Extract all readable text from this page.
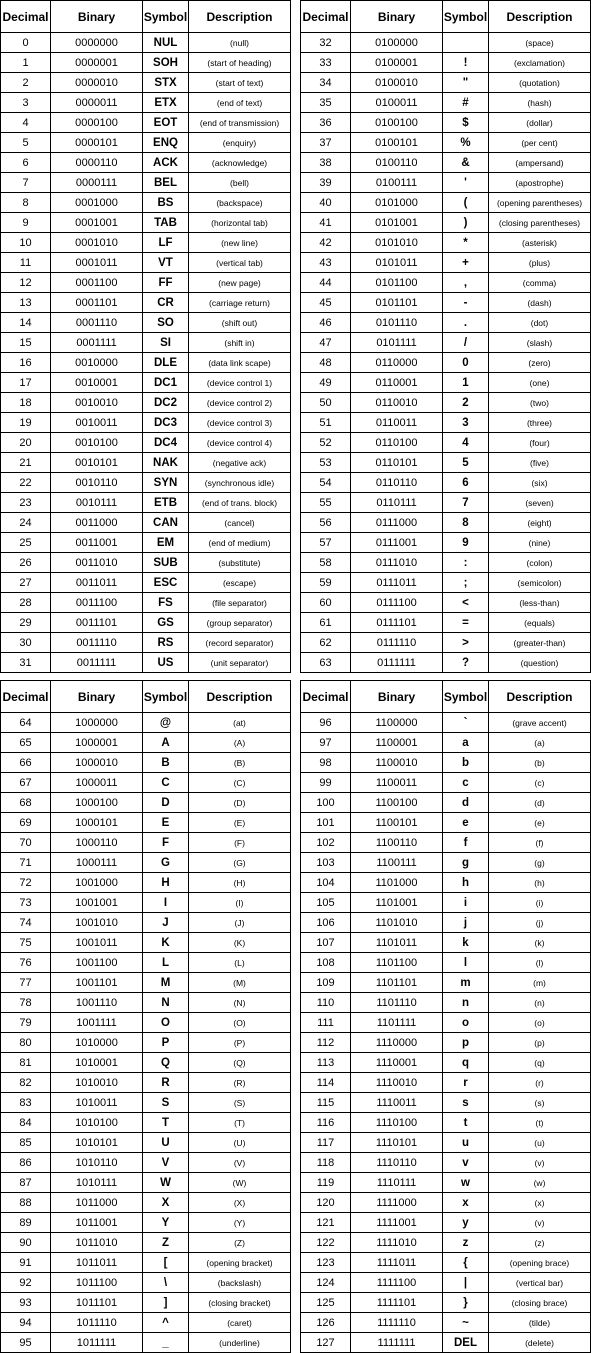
Decimal	Binary	Symbol	Description
0	0000000	NUL	(null)
1	0000001	SOH	(start of heading)
2	0000010	STX	(start of text)
3	0000011	ETX	(end of text)
4	0000100	EOT	(end of transmission)
5	0000101	ENQ	(enquiry)
6	0000110	ACK	(acknowledge)
7	0000111	BEL	(bell)
8	0001000	BS	(backspace)
9	0001001	TAB	(horizontal tab)
10	0001010	LF	(new line)
11	0001011	VT	(vertical tab)
12	0001100	FF	(new page)
13	0001101	CR	(carriage return)
14	0001110	SO	(shift out)
15	0001111	SI	(shift in)
16	0010000	DLE	(data link scape)
17	0010001	DC1	(device control 1)
18	0010010	DC2	(device control 2)
19	0010011	DC3	(device control 3)
20	0010100	DC4	(device control 4)
21	0010101	NAK	(negative ack)
22	0010110	SYN	(synchronous idle)
23	0010111	ETB	(end of trans. block)
24	0011000	CAN	(cancel)
25	0011001	EM	(end of medium)
26	0011010	SUB	(substitute)
27	0011011	ESC	(escape)
28	0011100	FS	(file separator)
29	0011101	GS	(group separator)
30	0011110	RS	(record separator)
31	0011111	US	(unit separator)
Decimal	Binary	Symbol	Description
32	0100000		(space)
33	0100001	!	(exclamation)
34	0100010	"	(quotation)
35	0100011	#	(hash)
36	0100100	$	(dollar)
37	0100101	%	(per cent)
38	0100110	&	(ampersand)
39	0100111	'	(apostrophe)
40	0101000	(	(opening parentheses)
41	0101001	)	(closing parentheses)
42	0101010	*	(asterisk)
43	0101011	+	(plus)
44	0101100	,	(comma)
45	0101101	-	(dash)
46	0101110	.	(dot)
47	0101111	/	(slash)
48	0110000	0	(zero)
49	0110001	1	(one)
50	0110010	2	(two)
51	0110011	3	(three)
52	0110100	4	(four)
53	0110101	5	(five)
54	0110110	6	(six)
55	0110111	7	(seven)
56	0111000	8	(eight)
57	0111001	9	(nine)
58	0111010	:	(colon)
59	0111011	;	(semicolon)
60	0111100	<	(less-than)
61	0111101	=	(equals)
62	0111110	>	(greater-than)
63	0111111	?	(question)
Decimal	Binary	Symbol	Description
64	1000000	@	(at)
65	1000001	A	(A)
66	1000010	B	(B)
67	1000011	C	(C)
68	1000100	D	(D)
69	1000101	E	(E)
70	1000110	F	(F)
71	1000111	G	(G)
72	1001000	H	(H)
73	1001001	I	(I)
74	1001010	J	(J)
75	1001011	K	(K)
76	1001100	L	(L)
77	1001101	M	(M)
78	1001110	N	(N)
79	1001111	O	(O)
80	1010000	P	(P)
81	1010001	Q	(Q)
82	1010010	R	(R)
83	1010011	S	(S)
84	1010100	T	(T)
85	1010101	U	(U)
86	1010110	V	(V)
87	1010111	W	(W)
88	1011000	X	(X)
89	1011001	Y	(Y)
90	1011010	Z	(Z)
91	1011011	[	(opening bracket)
92	1011100	\	(backslash)
93	1011101	]	(closing bracket)
94	1011110	^	(caret)
95	1011111	_	(underline)
Decimal	Binary	Symbol	Description
96	1100000	`	(grave accent)
97	1100001	a	(a)
98	1100010	b	(b)
99	1100011	c	(c)
100	1100100	d	(d)
101	1100101	e	(e)
102	1100110	f	(f)
103	1100111	g	(g)
104	1101000	h	(h)
105	1101001	i	(i)
106	1101010	j	(j)
107	1101011	k	(k)
108	1101100	l	(l)
109	1101101	m	(m)
110	1101110	n	(n)
111	1101111	o	(o)
112	1110000	p	(p)
113	1110001	q	(q)
114	1110010	r	(r)
115	1110011	s	(s)
116	1110100	t	(t)
117	1110101	u	(u)
118	1110110	v	(v)
119	1110111	w	(w)
120	1111000	x	(x)
121	1111001	y	(v)
122	1111010	z	(z)
123	1111011	{	(opening brace)
124	1111100	|	(vertical bar)
125	1111101	}	(closing brace)
126	1111110	~	(tilde)
127	1111111	DEL	(delete)
